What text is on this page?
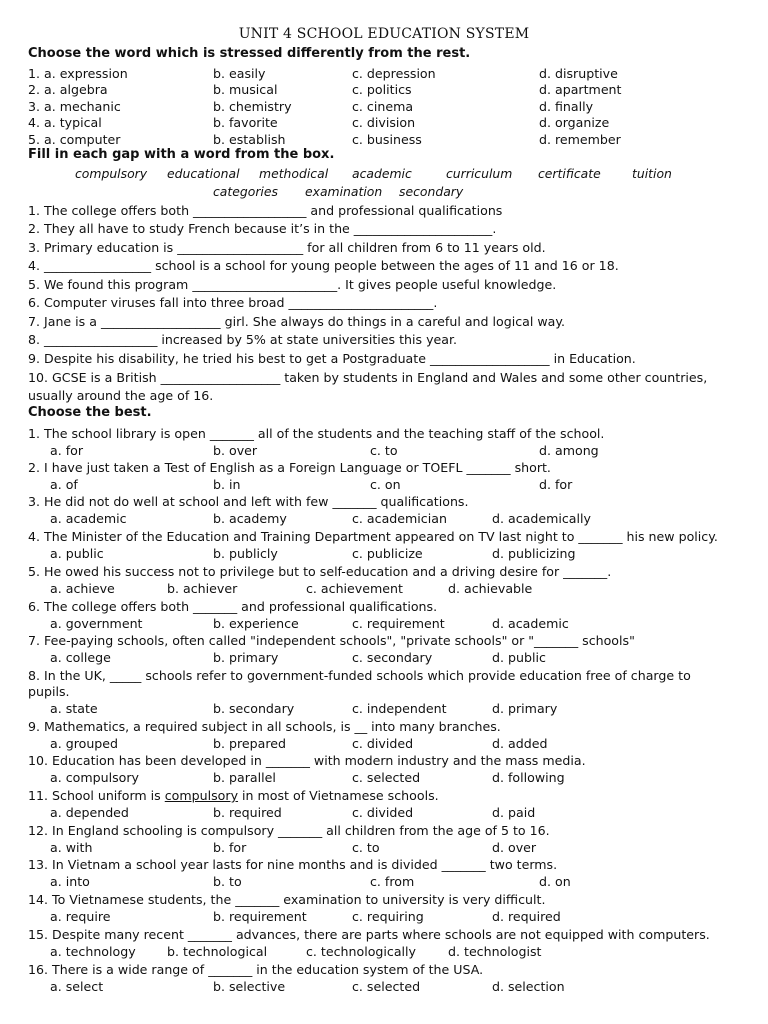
UNIT 4 SCHOOL EDUCATION SYSTEM
Choose the word which is stressed differently from the rest.
1. a. expression	b. easily	c. depression	d. disruptive
2. a. algebra	b. musical	c. politics	d. apartment
3. a. mechanic	b. chemistry	c. cinema	d. finally
4. a. typical	b. favorite	c. division	d. organize
5. a. computer	b. establish	c. business	d. remember
Fill in each gap with a word from the box.
compulsory educational methodical academic	curriculum certificate	tuition
categories examination secondary
1. The college offers both __________________ and professional qualifications
2. They all have to study French because it’s in the ______________________.
3. Primary education is ____________________ for all children from 6 to 11 years old.
4. _________________ school is a school for young people between the ages of 11 and 16 or 18.
5. We found this program _______________________. It gives people useful knowledge.
6. Computer viruses fall into three broad _______________________.
7. Jane is a ___________________ girl. She always do things in a careful and logical way.
8. __________________ increased by 5% at state universities this year.
9. Despite his disability, he tried his best to get a Postgraduate ___________________ in Education.
10. GCSE is a British ___________________ taken by students in England and Wales and some other countries,
usually around the age of 16.
Choose the best.
1. The school library is open _______ all of the students and the teaching staff of the school.
a. for	b. over	c. to	d. among
2. I have just taken a Test of English as a Foreign Language or TOEFL _______ short.
a. of	b. in	c. on	d. for
3. He did not do well at school and left with few _______ qualifications.
a. academic	b. academy	c. academician	d. academically
4. The Minister of the Education and Training Department appeared on TV last night to _______ his new policy.
a. public	b. publicly	c. publicize	d. publicizing
5. He owed his success not to privilege but to self-education and a driving desire for _______.
a. achieve	b. achiever	c. achievement	d. achievable
6. The college offers both _______ and professional qualifications.
a. government	b. experience	c. requirement	d. academic
7. Fee-paying schools, often called "independent schools", "private schools" or "_______ schools"
a. college	b. primary	c. secondary	d. public
8. In the UK, _____ schools refer to government-funded schools which provide education free of charge to
pupils.
a. state	b. secondary	c. independent	d. primary
9. Mathematics, a required subject in all schools, is __ into many branches.
a. grouped	b. prepared	c. divided	d. added
10. Education has been developed in _______ with modern industry and the mass media.
a. compulsory	b. parallel	c. selected	d. following
11. School uniform is compulsory in most of Vietnamese schools.
a. depended	b. required	c. divided	d. paid
12. In England schooling is compulsory _______ all children from the age of 5 to 16.
a. with	b. for	c. to	d. over
13. In Vietnam a school year lasts for nine months and is divided _______ two terms.
a. into	b. to	c. from	d. on
14. To Vietnamese students, the _______ examination to university is very difficult.
a. require	b. requirement	c. requiring	d. required
15. Despite many recent _______ advances, there are parts where schools are not equipped with computers.
a. technology b. technological	c. technologically	d. technologist
16. There is a wide range of _______ in the education system of the USA.
a. select	b. selective	c. selected	d. selection
